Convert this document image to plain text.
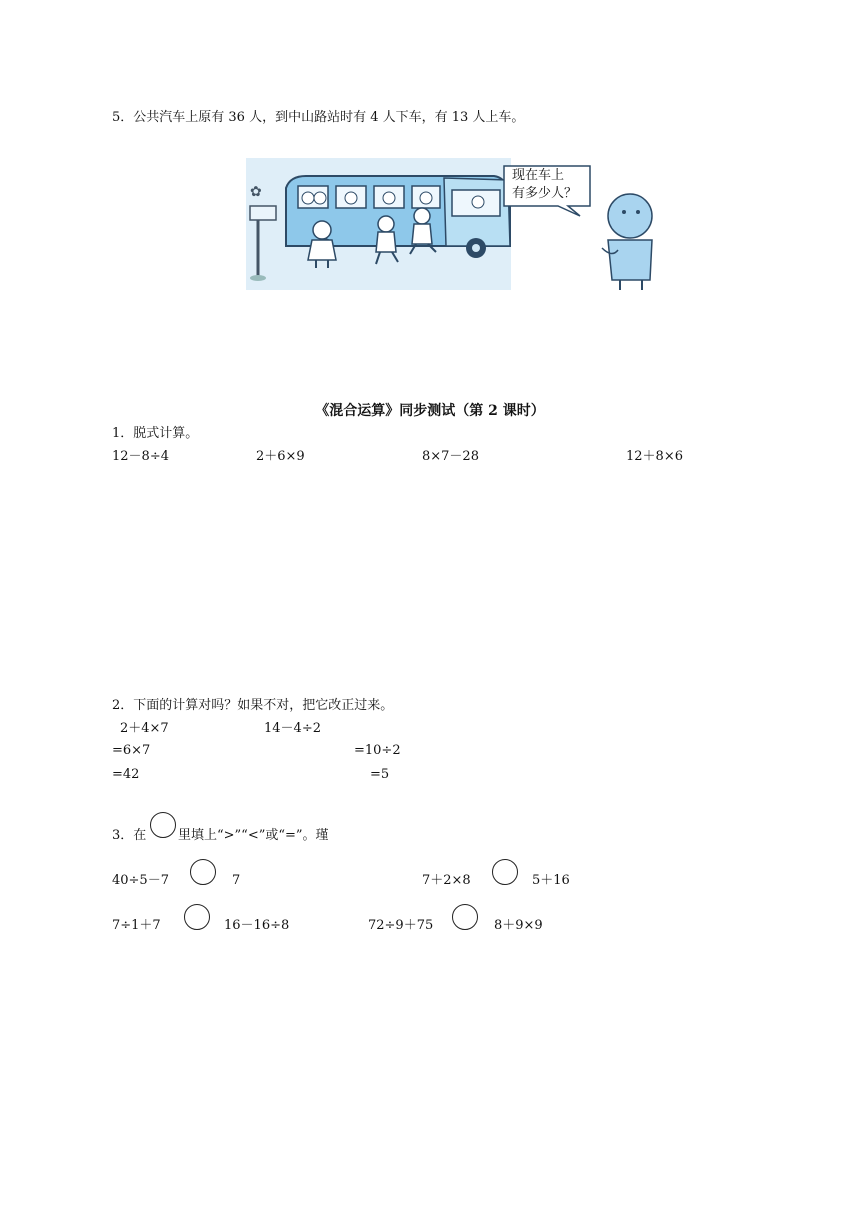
5．公共汽车上原有 36 人，到中山路站时有 4 人下车，有 13 人上车。
✿
现在车上
有多少人？
《混合运算》同步测试（第 2 课时）
1．脱式计算。
12－8÷4	2＋6×9	8×7－28	12＋8×6
2．下面的计算对吗？如果不对，把它改正过来。
2＋4×7
=6×7
=42
14－4÷2
=10÷2
=5
3．在 里填上“>”“<”或“=”。瑾
40÷5－7	7	7＋2×8	5＋16
7÷1＋7	16－16÷8	72÷9＋75	8＋9×9
